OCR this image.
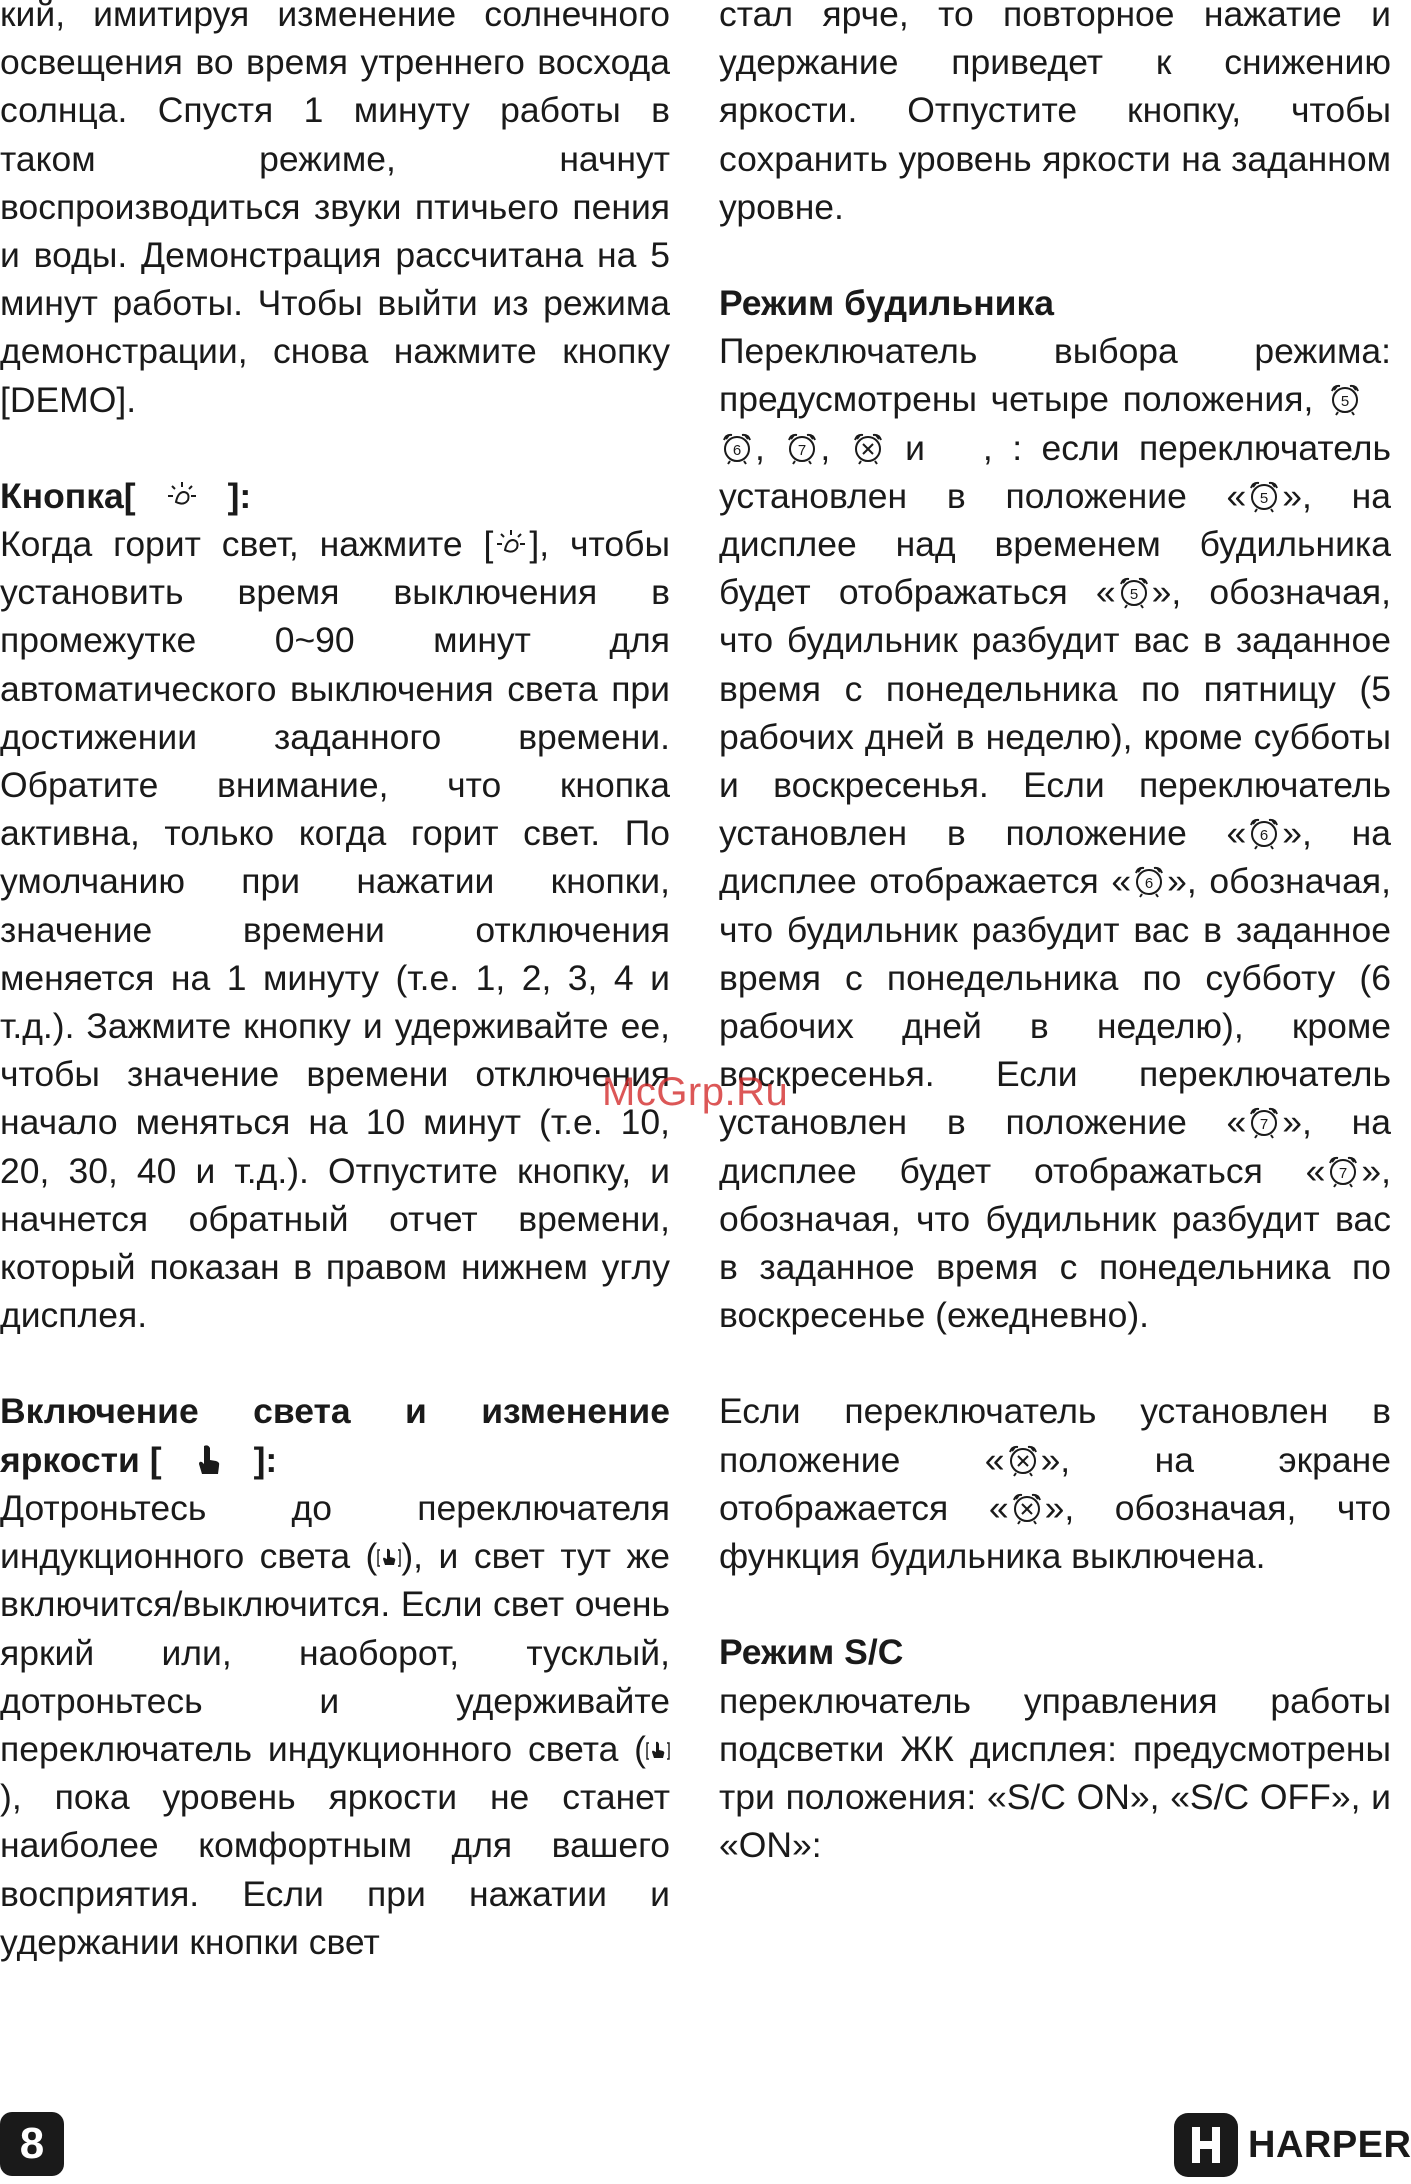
кий, имитируя изменение солнечного освещения во время утреннего восхода солнца. Спустя 1 минуту работы в таком режиме, начнут воспроизводиться звуки птичьего пения и воды. Демонстрация рассчитана на 5 минут работы. Чтобы выйти из режима демонстрации, снова нажмите кнопку [DEMO].

Кнопка[	]:

Когда горит свет, нажмите [ ], чтобы установить время выключения в промежутке 0~90 минут для автоматического выключения света при достижении заданного времени. Обратите внимание, что кнопка активна, только когда горит свет. По умолчанию при нажатии кнопки, значение времени отключения меняется на 1 минуту (т.е. 1, 2, 3, 4 и т.д.). Зажмите кнопку и удерживайте ее, чтобы значение времени отключения начало меняться на 10 минут (т.е. 10, 20, 30, 40 и т.д.). Отпустите кнопку, и начнется обратный отчет времени, который показан в правом нижнем углу дисплея.

Включение света и изменение яркости [	]:

Дотроньтесь до переключателя индукционного света ( ), и свет тут же включится/выключится. Если свет очень яркий или, наоборот, тусклый, дотроньтесь и удерживайте переключатель индукционного света (
), пока уровень яркости не станет наиболее комфортным для вашего восприятия. Если при нажатии и удержании кнопки свет

стал ярче, то повторное нажатие и удержание приведет к снижению яркости. Отпустите кнопку, чтобы сохранить уровень яркости на заданном уровне.

Режим будильника

Переключатель выбора режима: предусмотрены четыре положения, 5
6 , 7 , и , : если переключатель установлен в положение « 5 », на дисплее над временем будильника будет отображаться « 5 », обозначая, что будильник разбудит вас в заданное время с понедельника по пятницу (5 рабочих дней в неделю), кроме субботы и воскресенья. Если переключатель установлен в положение « 6 », на дисплее отображается « 6 », обозначая, что будильник разбудит вас в заданное время с понедельника по субботу (6 рабочих дней в неделю), кроме воскресенья. Если переключатель установлен в положение « 7 », на дисплее будет отображаться « 7 », обозначая, что будильник разбудит вас в заданное время с понедельника по воскресенье (ежедневно).

Если переключатель установлен в положение « », на экране отображается « », обозначая, что функция будильника выключена.

Режим S/C

переключатель управления работы подсветки ЖК дисплея: предусмотрены три положения: «S/C ON», «S/C OFF», и «ON»:

McGrp.Ru
8	HARPER
